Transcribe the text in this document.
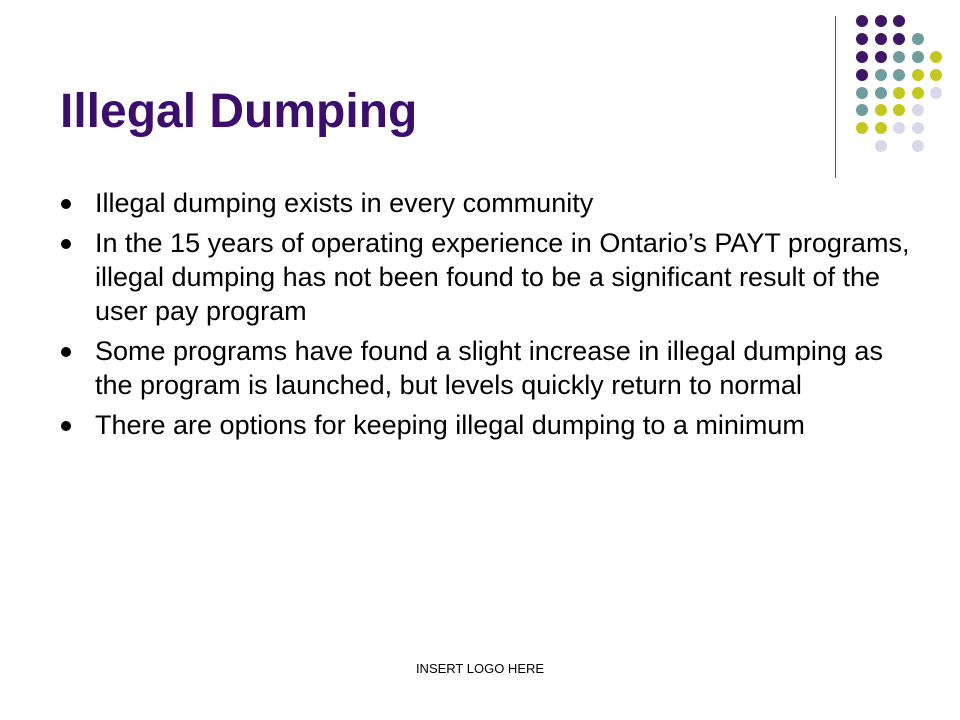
Illegal Dumping
Illegal dumping exists in every community
In the 15 years of operating experience in Ontario’s PAYT programs, illegal dumping has not been found to be a significant result of the user pay program
Some programs have found a slight increase in illegal dumping as the program is launched, but levels quickly return to normal
There are options for keeping illegal dumping to a minimum
INSERT LOGO HERE
